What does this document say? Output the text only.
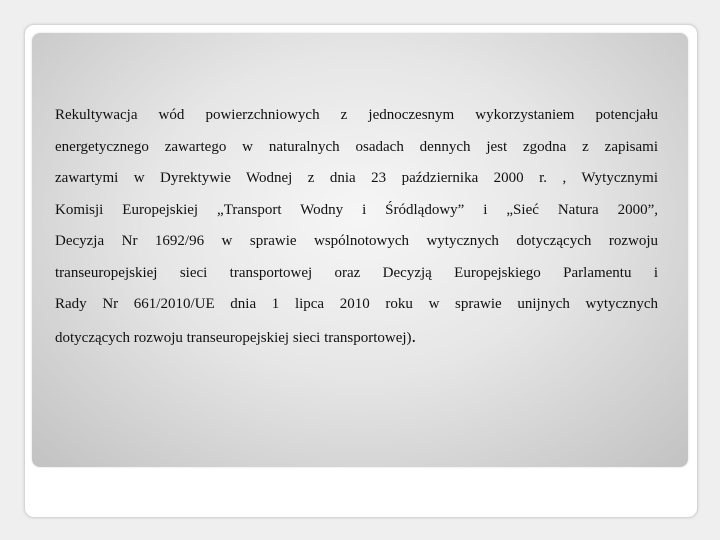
Rekultywacja wód powierzchniowych z jednoczesnym wykorzystaniem potencjału
energetycznego zawartego w naturalnych osadach dennych jest zgodna z zapisami
zawartymi w Dyrektywie Wodnej z dnia 23 października 2000 r. , Wytycznymi
Komisji Europejskiej „Transport Wodny i Śródlądowy” i „Sieć Natura 2000”,
Decyzja Nr 1692/96 w sprawie wspólnotowych wytycznych dotyczących rozwoju
transeuropejskiej sieci transportowej oraz Decyzją Europejskiego Parlamentu i
Rady Nr 661/2010/UE dnia 1 lipca 2010 roku w sprawie unijnych wytycznych
dotyczących rozwoju transeuropejskiej sieci transportowej).
